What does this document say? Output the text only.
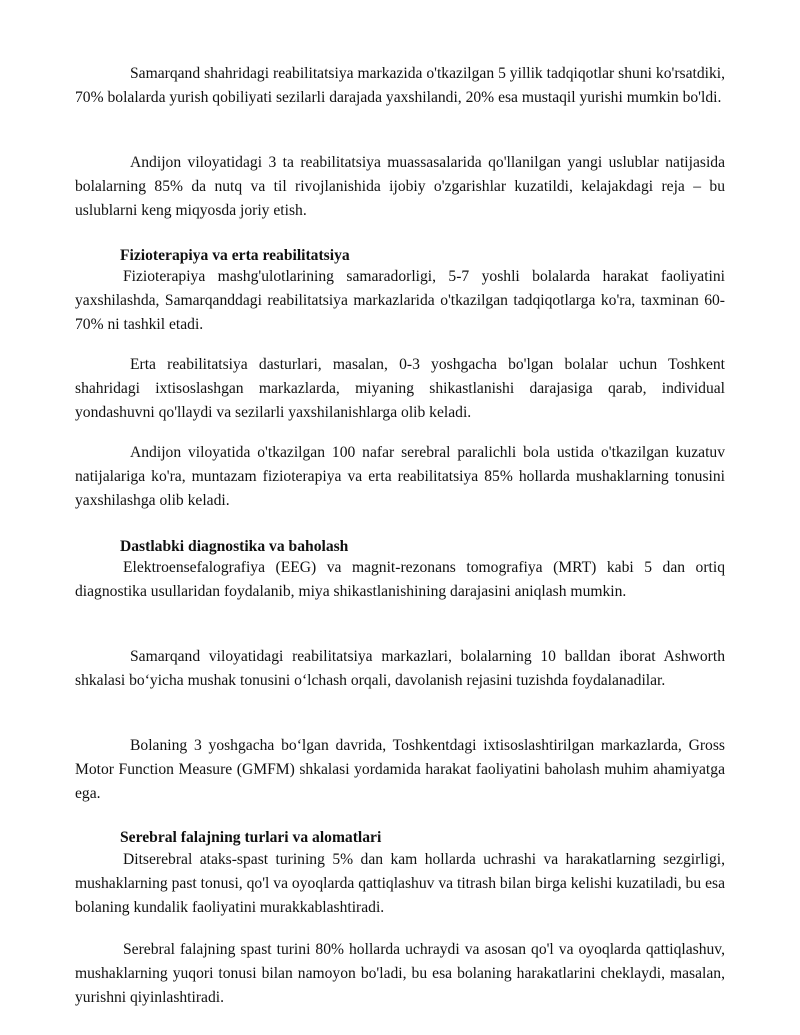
Samarqand shahridagi reabilitatsiya markazida o'tkazilgan 5 yillik tadqiqotlar shuni ko'rsatdiki, 70% bolalarda yurish qobiliyati sezilarli darajada yaxshilandi, 20% esa mustaqil yurishi mumkin bo'ldi.

Andijon viloyatidagi 3 ta reabilitatsiya muassasalarida qo'llanilgan yangi uslublar natijasida bolalarning 85% da nutq va til rivojlanishida ijobiy o'zgarishlar kuzatildi, kelajakdagi reja – bu uslublarni keng miqyosda joriy etish.

Fizioterapiya va erta reabilitatsiya

Fizioterapiya mashg'ulotlarining samaradorligi, 5-7 yoshli bolalarda harakat faoliyatini yaxshilashda, Samarqanddagi reabilitatsiya markazlarida o'tkazilgan tadqiqotlarga ko'ra, taxminan 60-70% ni tashkil etadi.

Erta reabilitatsiya dasturlari, masalan, 0-3 yoshgacha bo'lgan bolalar uchun Toshkent shahridagi ixtisoslashgan markazlarda, miyaning shikastlanishi darajasiga qarab, individual yondashuvni qo'llaydi va sezilarli yaxshilanishlarga olib keladi.

Andijon viloyatida o'tkazilgan 100 nafar serebral paralichli bola ustida o'tkazilgan kuzatuv natijalariga ko'ra, muntazam fizioterapiya va erta reabilitatsiya 85% hollarda mushaklarning tonusini yaxshilashga olib keladi.

Dastlabki diagnostika va baholash

Elektroensefalografiya (EEG) va magnit-rezonans tomografiya (MRT) kabi 5 dan ortiq diagnostika usullaridan foydalanib, miya shikastlanishining darajasini aniqlash mumkin.

Samarqand viloyatidagi reabilitatsiya markazlari, bolalarning 10 balldan iborat Ashworth shkalasi bo‘yicha mushak tonusini o‘lchash orqali, davolanish rejasini tuzishda foydalanadilar.

Bolaning 3 yoshgacha bo‘lgan davrida, Toshkentdagi ixtisoslashtirilgan markazlarda, Gross Motor Function Measure (GMFM) shkalasi yordamida harakat faoliyatini baholash muhim ahamiyatga ega.

Serebral falajning turlari va alomatlari

Ditserebral ataks-spast turining 5% dan kam hollarda uchrashi va harakatlarning sezgirligi, mushaklarning past tonusi, qo'l va oyoqlarda qattiqlashuv va titrash bilan birga kelishi kuzatiladi, bu esa bolaning kundalik faoliyatini murakkablashtiradi.

Serebral falajning spast turini 80% hollarda uchraydi va asosan qo'l va oyoqlarda qattiqlashuv, mushaklarning yuqori tonusi bilan namoyon bo'ladi, bu esa bolaning harakatlarini cheklaydi, masalan, yurishni qiyinlashtiradi.
